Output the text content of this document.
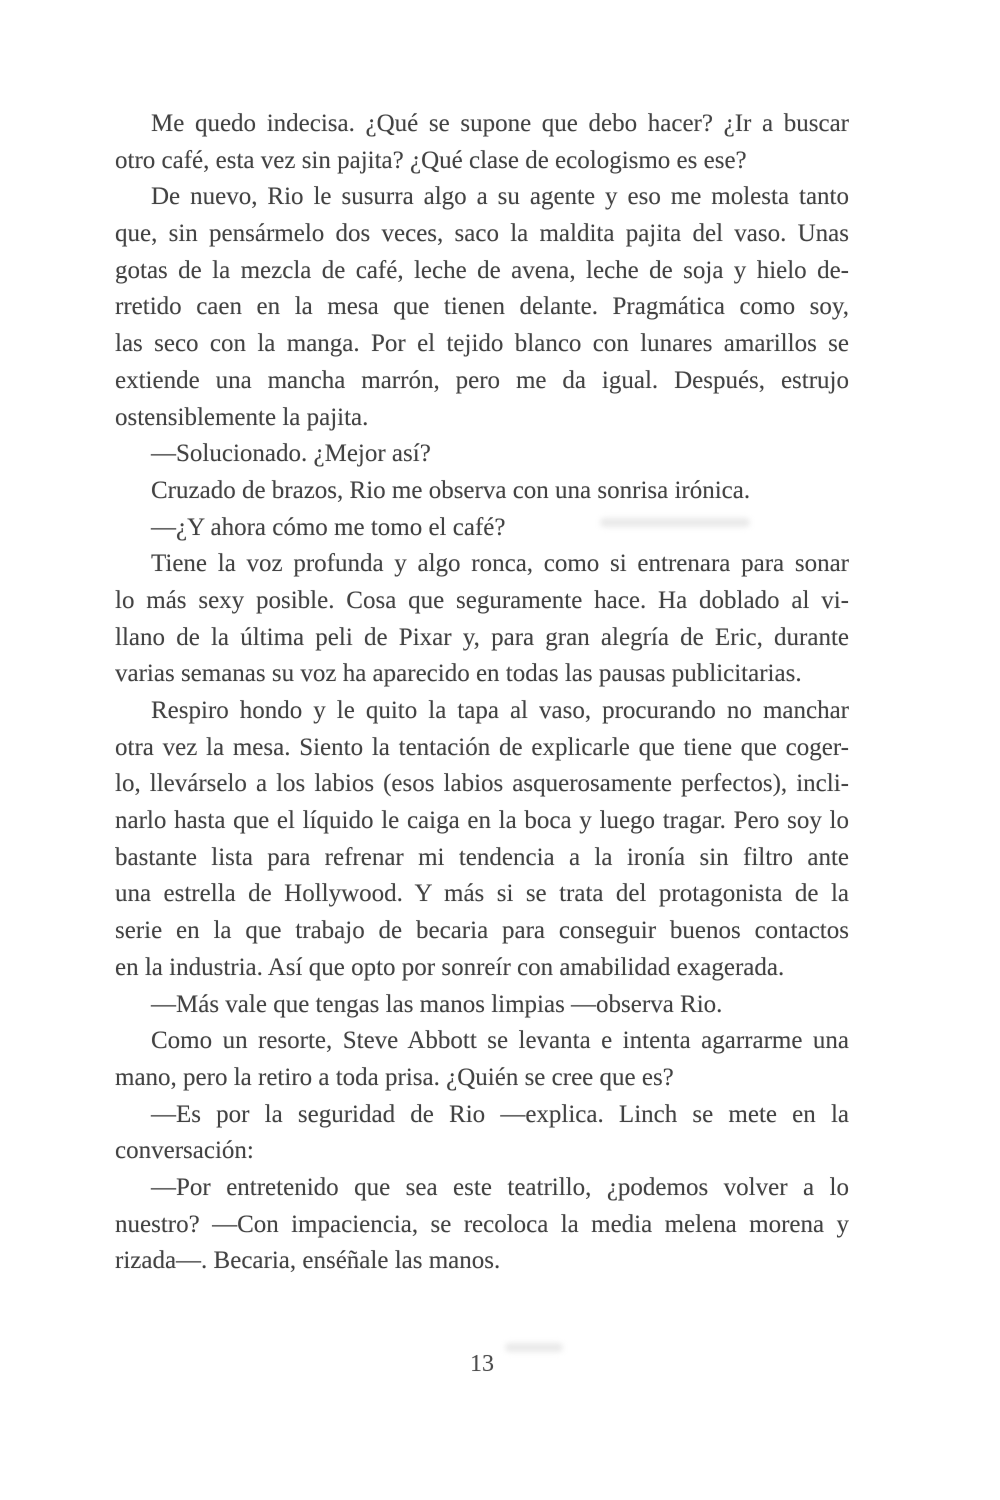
Me quedo indecisa. ¿Qué se supone que debo hacer? ¿Ir a buscar
otro café, esta vez sin pajita? ¿Qué clase de ecologismo es ese?
De nuevo, Rio le susurra algo a su agente y eso me molesta tanto
que, sin pensármelo dos veces, saco la maldita pajita del vaso. Unas
gotas de la mezcla de café, leche de avena, leche de soja y hielo de-
rretido caen en la mesa que tienen delante. Pragmática como soy,
las seco con la manga. Por el tejido blanco con lunares amarillos se
extiende una mancha marrón, pero me da igual. Después, estrujo
ostensiblemente la pajita.
—Solucionado. ¿Mejor así?
Cruzado de brazos, Rio me observa con una sonrisa irónica.
—¿Y ahora cómo me tomo el café?
Tiene la voz profunda y algo ronca, como si entrenara para sonar
lo más sexy posible. Cosa que seguramente hace. Ha doblado al vi-
llano de la última peli de Pixar y, para gran alegría de Eric, durante
varias semanas su voz ha aparecido en todas las pausas publicitarias.
Respiro hondo y le quito la tapa al vaso, procurando no manchar
otra vez la mesa. Siento la tentación de explicarle que tiene que coger-
lo, llevárselo a los labios (esos labios asquerosamente perfectos), incli-
narlo hasta que el líquido le caiga en la boca y luego tragar. Pero soy lo
bastante lista para refrenar mi tendencia a la ironía sin filtro ante
una estrella de Hollywood. Y más si se trata del protagonista de la
serie en la que trabajo de becaria para conseguir buenos contactos
en la industria. Así que opto por sonreír con amabilidad exagerada.
—Más vale que tengas las manos limpias —observa Rio.
Como un resorte, Steve Abbott se levanta e intenta agarrarme una
mano, pero la retiro a toda prisa. ¿Quién se cree que es?
—Es por la seguridad de Rio —explica. Linch se mete en la
conversación:
—Por entretenido que sea este teatrillo, ¿podemos volver a lo
nuestro? —Con impaciencia, se recoloca la media melena morena y
rizada—. Becaria, enséñale las manos.
13
